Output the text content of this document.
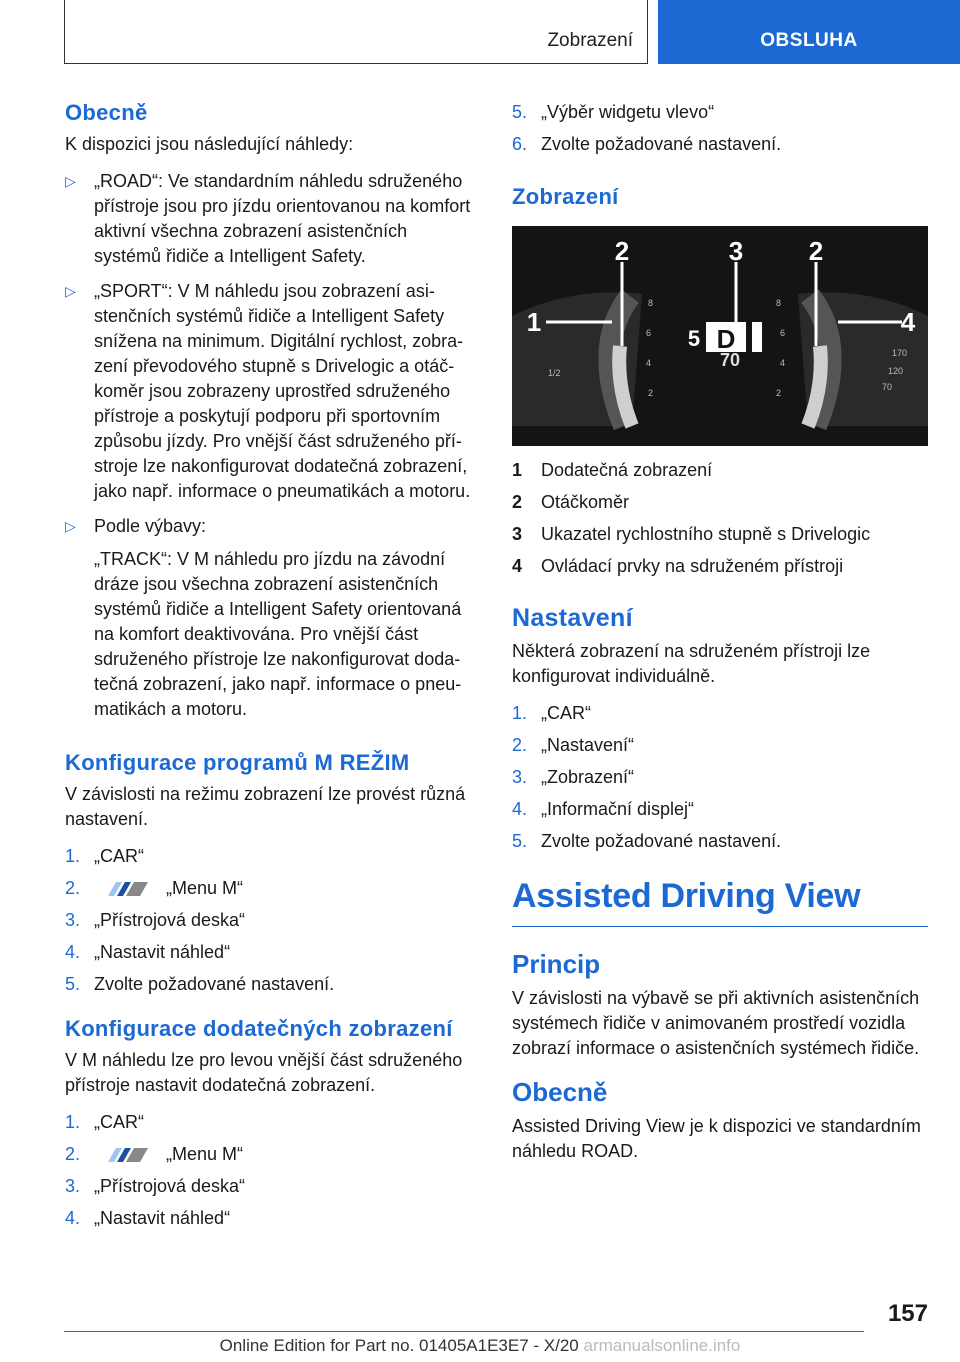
Zobrazení	OBSLUHA
Obecně

K dispozici jsou následující náhledy:

▷	„ROAD“: Ve standardním náhledu sdruženého přístroje jsou pro jízdu orientovanou na komfort aktivní všechna zobrazení asistenčních systémů řidiče a Intelligent Safety.
▷	„SPORT“: V M náhledu jsou zobrazení asistenčních systémů řidiče a Intelligent Safety snížena na minimum. Digitální rychlost, zobrazení převodového stupně s Drivelogic a otáčkoměr jsou zobrazeny uprostřed sdruženého přístroje a poskytují podporu při sportovním způsobu jízdy. Pro vnější část sdruženého přístroje lze nakonfigurovat dodatečná zobrazení, jako např. informace o pneumatikách a motoru.
▷	Podle výbavy:
„TRACK“: V M náhledu pro jízdu na závodní dráze jsou všechna zobrazení asistenčních systémů řidiče a Intelligent Safety orientovaná na komfort deaktivována. Pro vnější část sdruženého přístroje lze nakonfigurovat dodatečná zobrazení, jako např. informace o pneumatikách a motoru.
Konfigurace programů M REŽIM

V závislosti na režimu zobrazení lze provést různá nastavení.

1. „CAR“
2.	„Menu M“
3. „Přístrojová deska“
4. „Nastavit náhled“
5. Zvolte požadované nastavení.
Konfigurace dodatečných zobrazení

V M náhledu lze pro levou vnější část sdruženého přístroje nastavit dodatečná zobrazení.

1. „CAR“
2.	„Menu M“
3. „Přístrojová deska“
4. „Nastavit náhled“
5. „Výběr widgetu vlevo“
6. Zvolte požadované nastavení.
Zobrazení
2	3	2
1	4
5 D
70
8
6
4
2
8
6
4
2
170
120
70
1/2
1	Dodatečná zobrazení
2	Otáčkoměr
3	Ukazatel rychlostního stupně s Drivelogic
4	Ovládací prvky na sdruženém přístroji
Nastavení

Některá zobrazení na sdruženém přístroji lze konfigurovat individuálně.

1. „CAR“
2. „Nastavení“
3. „Zobrazení“
4. „Informační displej“
5. Zvolte požadované nastavení.
Assisted Driving View
Princip

V závislosti na výbavě se při aktivních asistenčních systémech řidiče v animovaném prostředí vozidla zobrazí informace o asistenčních systémech řidiče.

Obecně

Assisted Driving View je k dispozici ve standardním náhledu ROAD.

157
Online Edition for Part no. 01405A1E3E7 - X/20 armanualsonline.info
